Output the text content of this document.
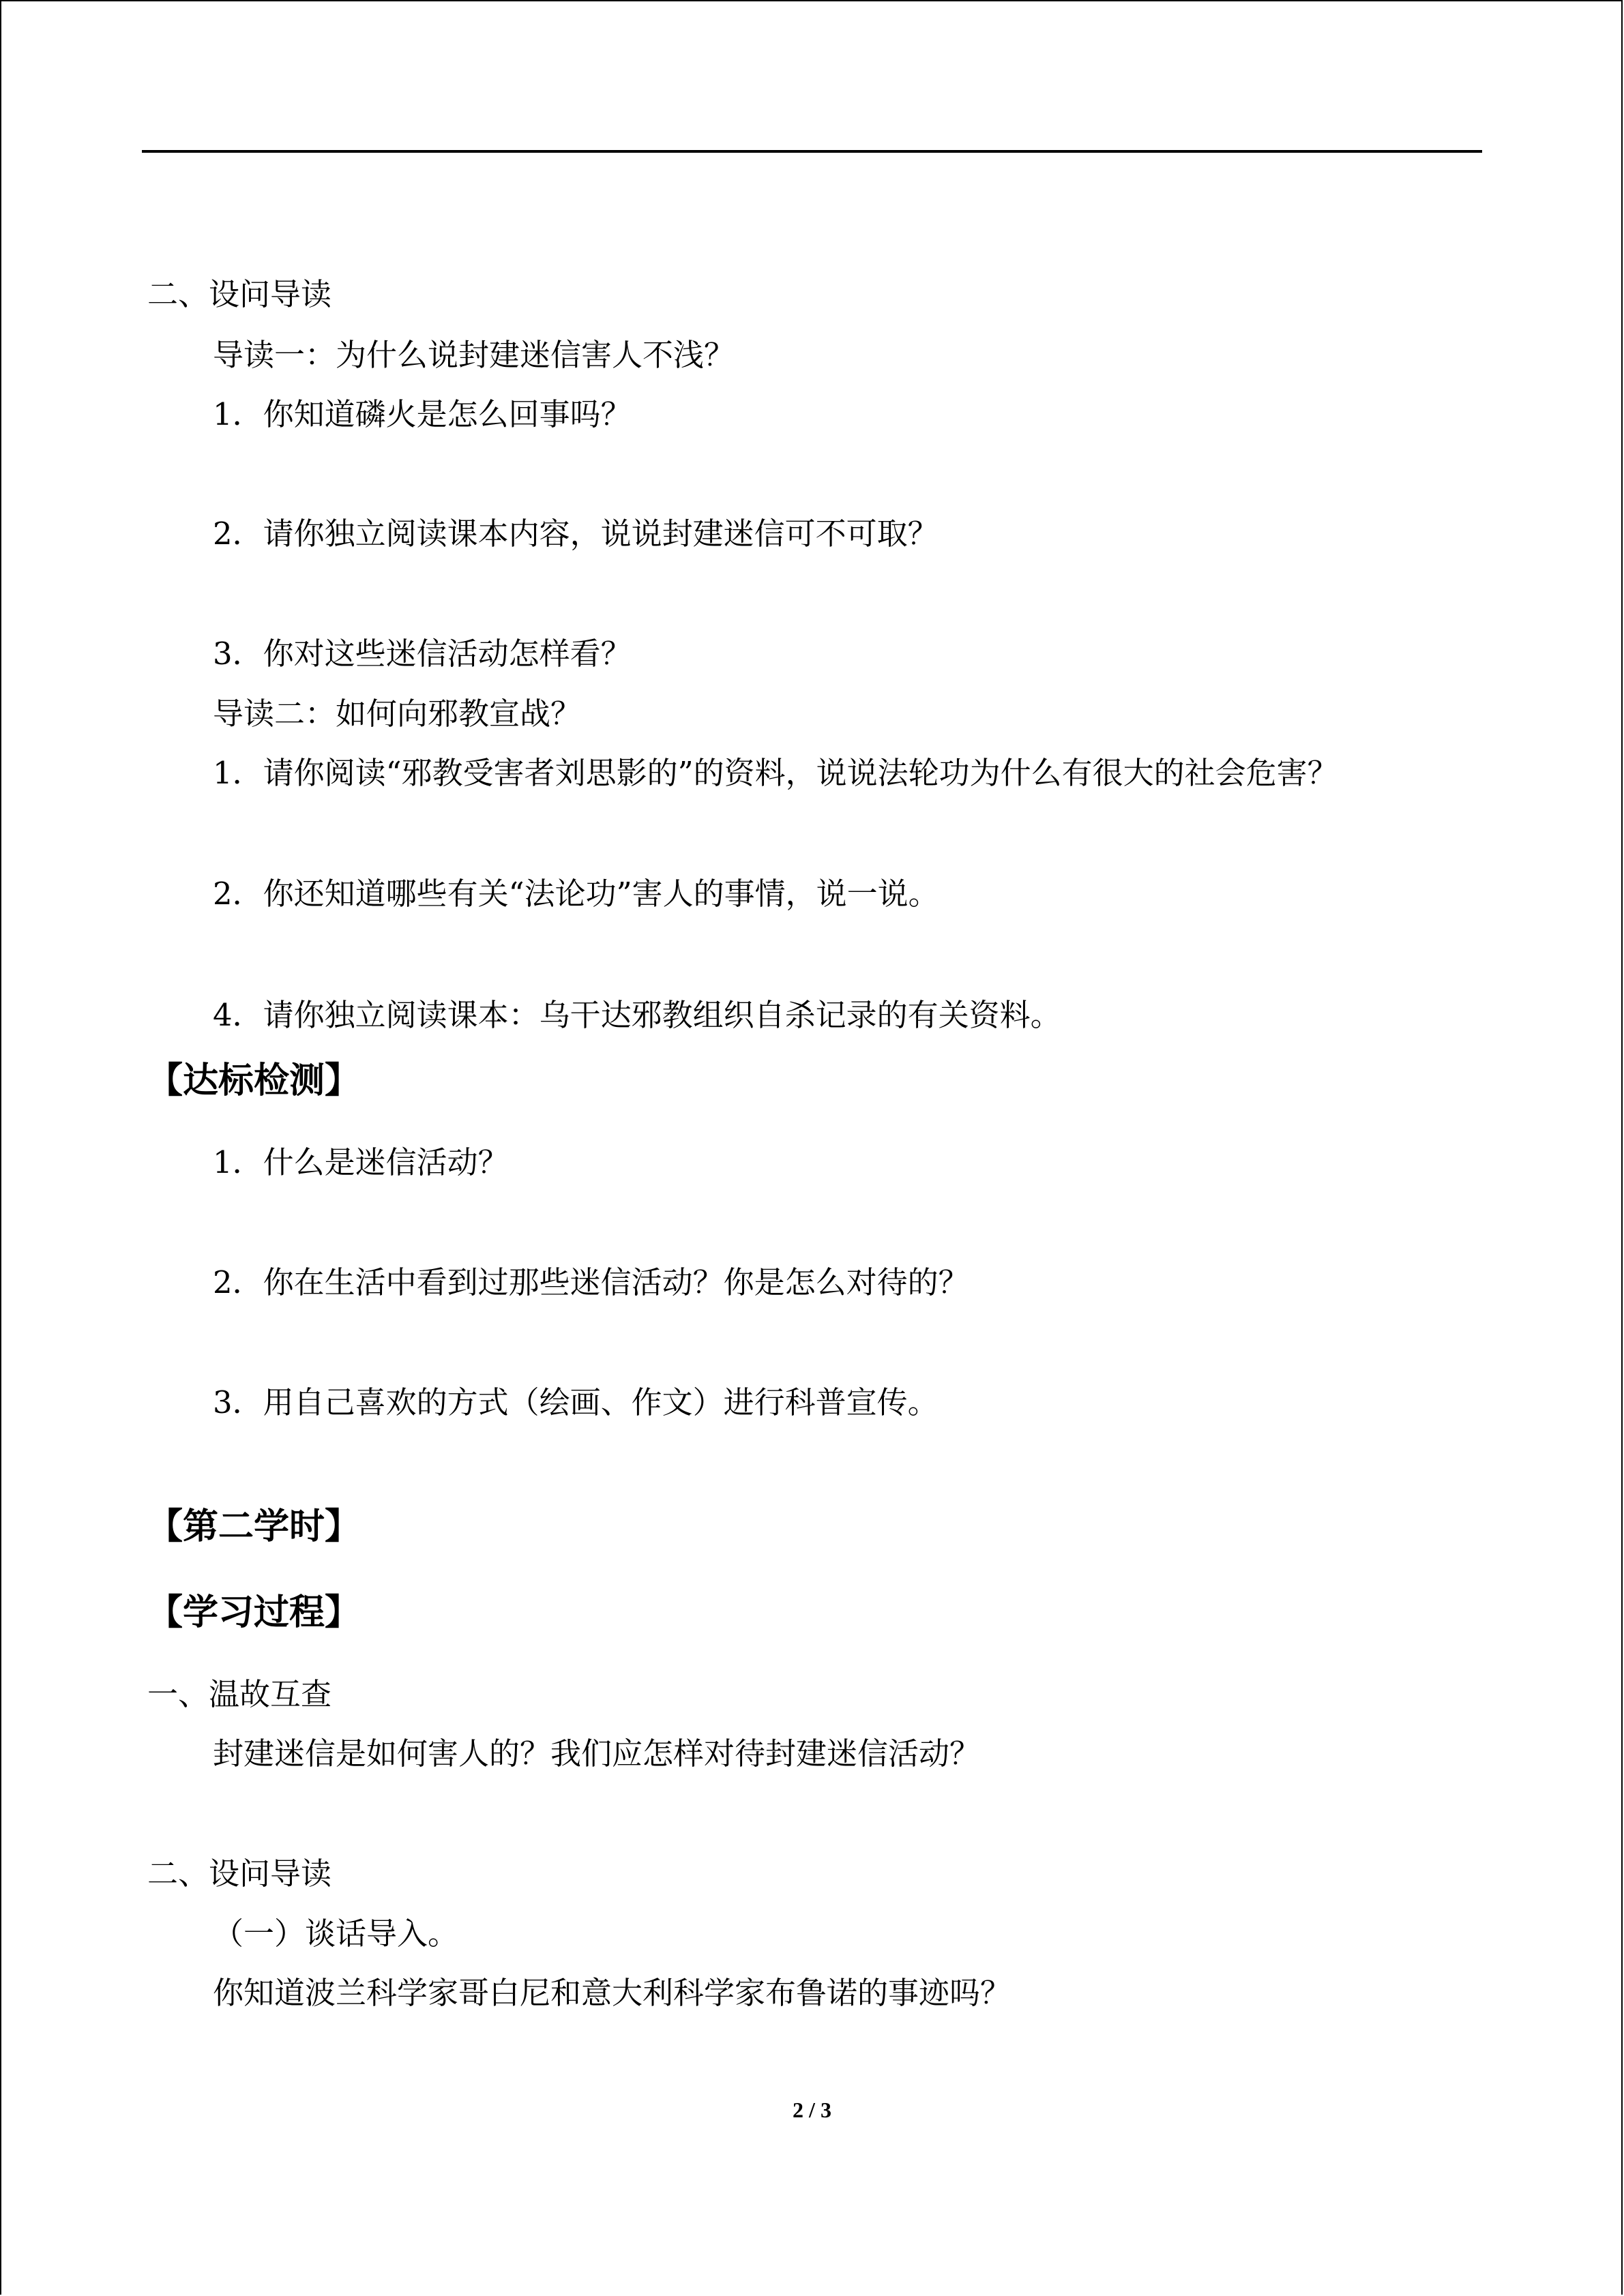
二、设问导读
导读一：为什么说封建迷信害人不浅？
1．你知道磷火是怎么回事吗？
2．请你独立阅读课本内容，说说封建迷信可不可取？
3．你对这些迷信活动怎样看？
导读二：如何向邪教宣战？
1．请你阅读“邪教受害者刘思影的”的资料，说说法轮功为什么有很大的社会危害？
2．你还知道哪些有关“法论功”害人的事情，说一说。
4．请你独立阅读课本：乌干达邪教组织自杀记录的有关资料。
【达标检测】
1．什么是迷信活动？
2．你在生活中看到过那些迷信活动？你是怎么对待的？
3．用自己喜欢的方式（绘画、作文）进行科普宣传。
【第二学时】
【学习过程】
一、温故互查
封建迷信是如何害人的？我们应怎样对待封建迷信活动？
二、设问导读
（一）谈话导入。
你知道波兰科学家哥白尼和意大利科学家布鲁诺的事迹吗？
2 / 3
